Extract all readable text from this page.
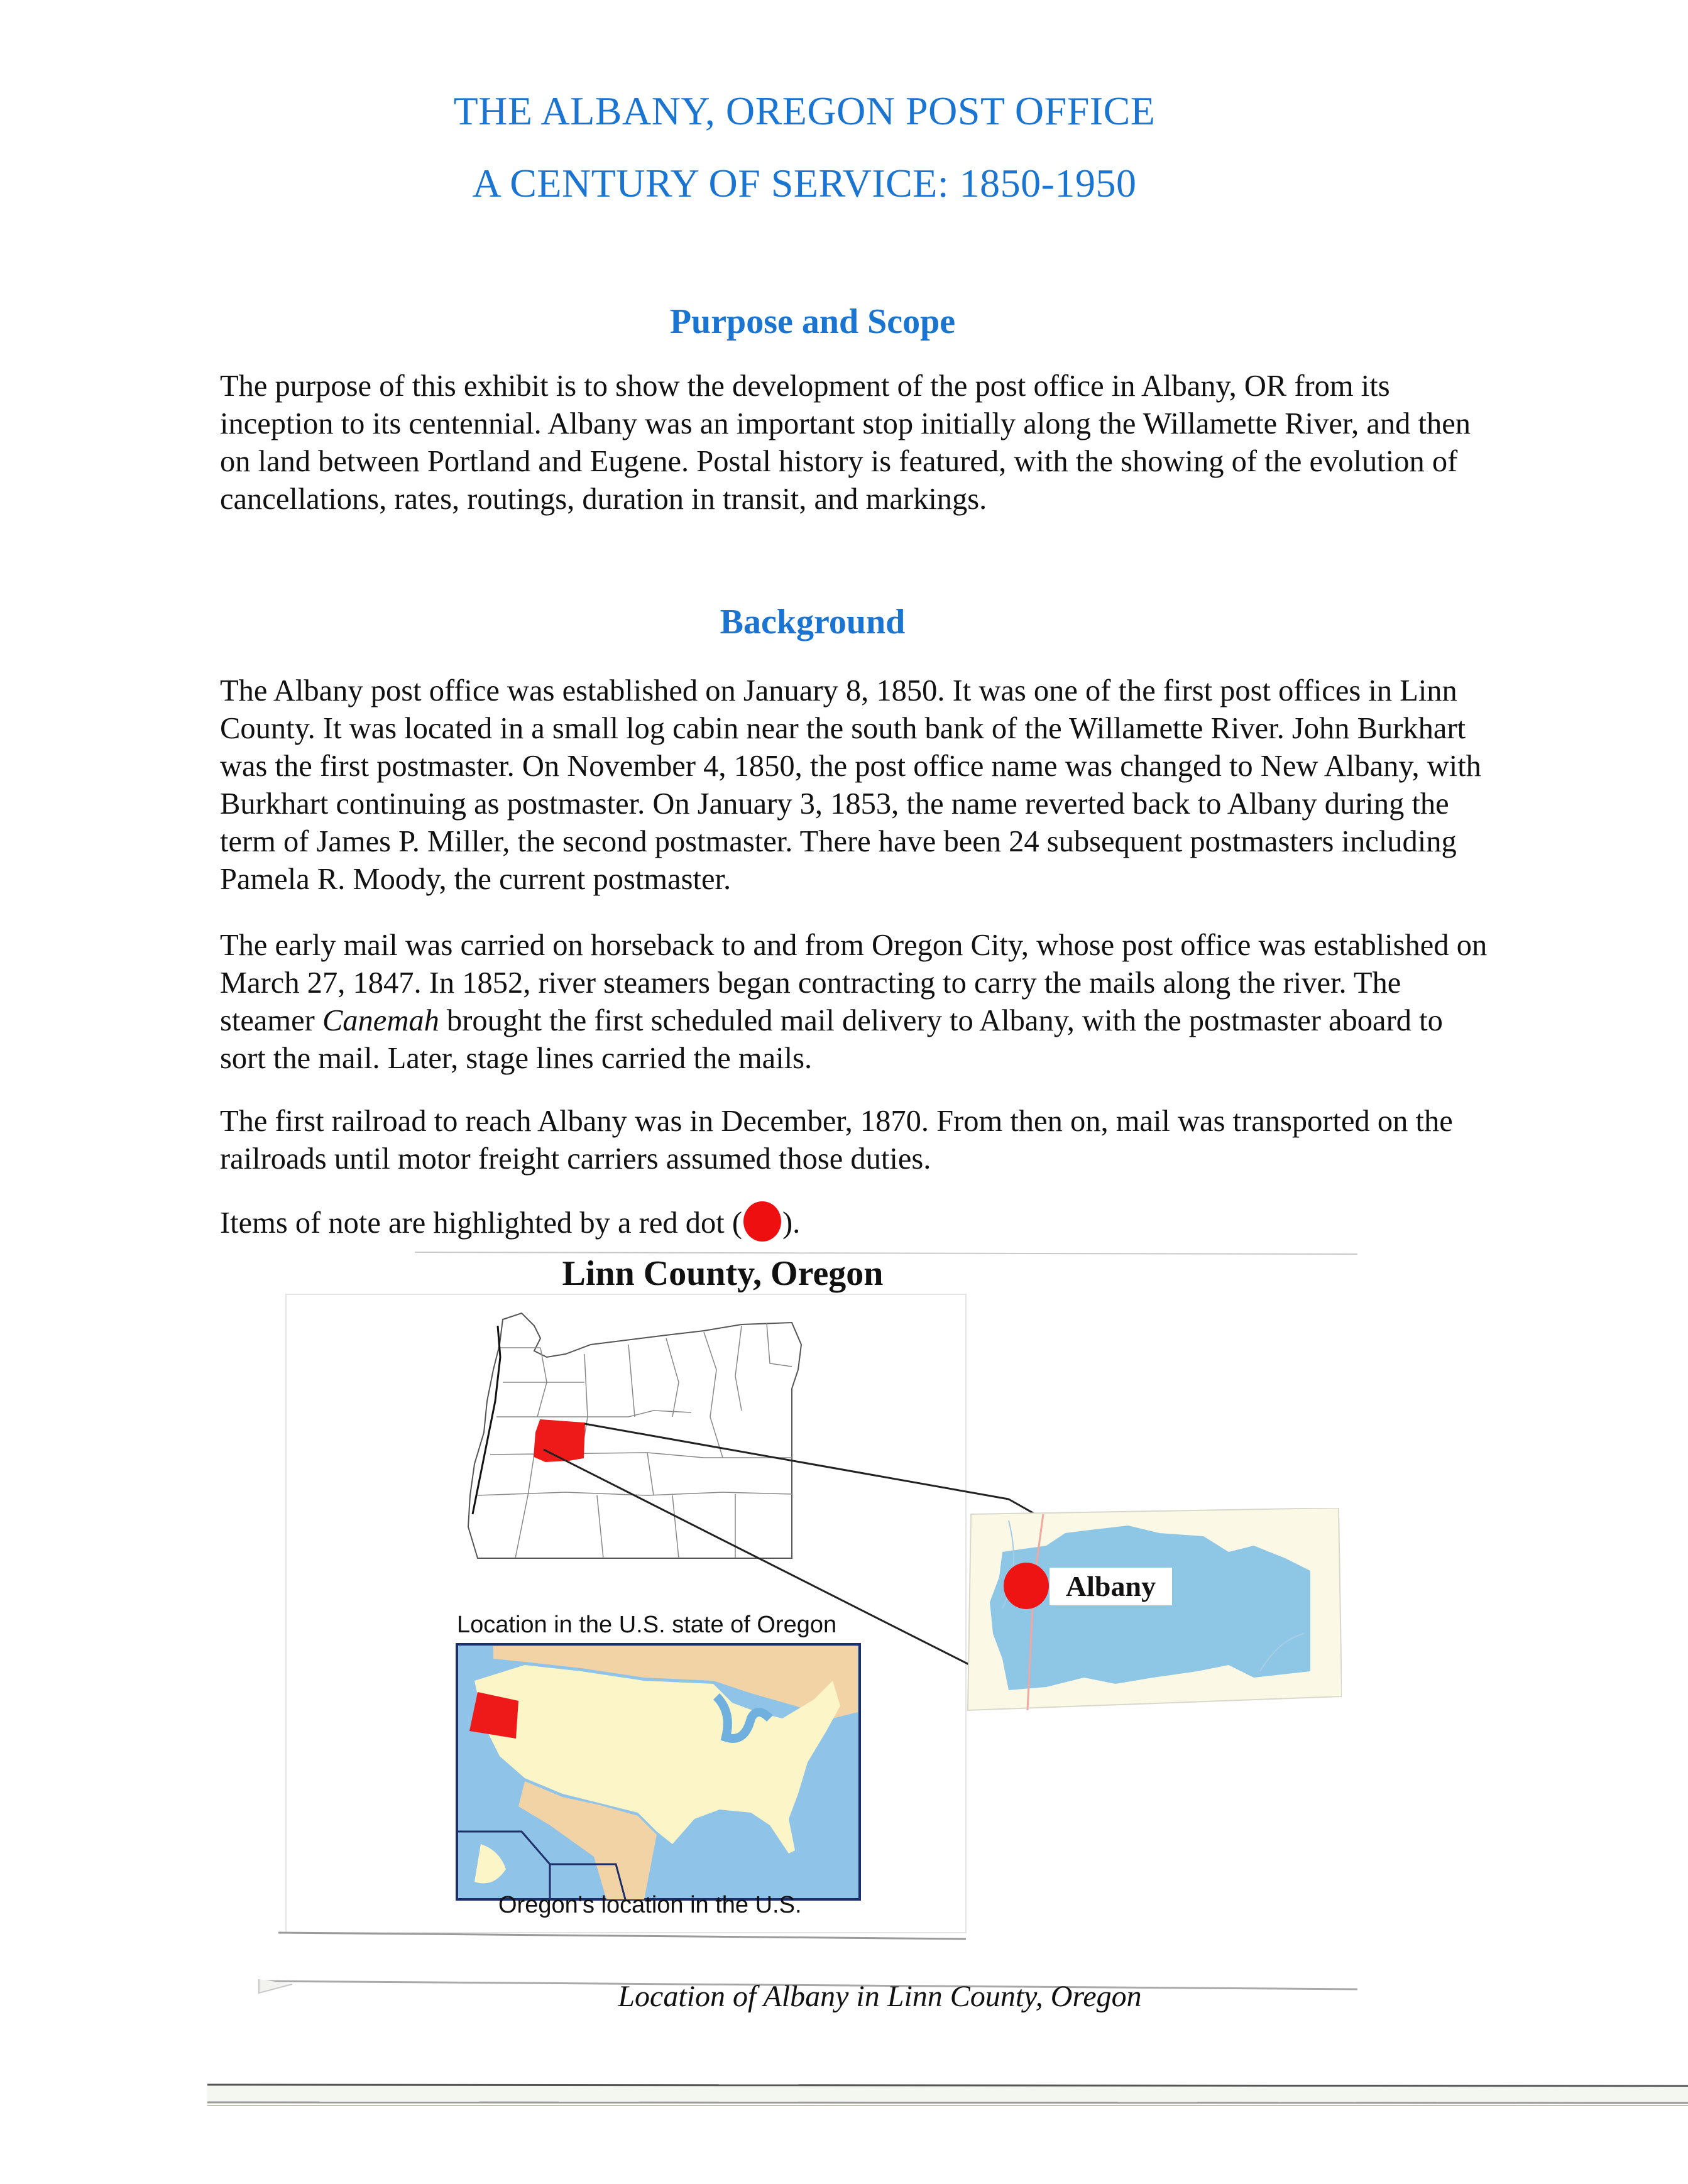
THE ALBANY, OREGON POST OFFICE
A CENTURY OF SERVICE: 1850-1950
Purpose and Scope
The purpose of this exhibit is to show the development of the post office in Albany, OR from its inception to its centennial. Albany was an important stop initially along the Willamette River, and then on land between Portland and Eugene. Postal history is featured, with the showing of the evolution of cancellations, rates, routings, duration in transit, and markings.
Background
The Albany post office was established on January 8, 1850. It was one of the first post offices in Linn County. It was located in a small log cabin near the south bank of the Willamette River. John Burkhart was the first postmaster. On November 4, 1850, the post office name was changed to New Albany, with Burkhart continuing as postmaster. On January 3, 1853, the name reverted back to Albany during the term of James P. Miller, the second postmaster. There have been 24 subsequent postmasters including Pamela R. Moody, the current postmaster.
The early mail was carried on horseback to and from Oregon City, whose post office was established on March 27, 1847. In 1852, river steamers began contracting to carry the mails along the river. The steamer Canemah brought the first scheduled mail delivery to Albany, with the postmaster aboard to sort the mail. Later, stage lines carried the mails.
The first railroad to reach Albany was in December, 1870. From then on, mail was transported on the railroads until motor freight carriers assumed those duties.
Items of note are highlighted by a red dot ( ).
Linn County, Oregon
Location in the U.S. state of Oregon
Albany
Oregon's location in the U.S.
Location of Albany in Linn County, Oregon
